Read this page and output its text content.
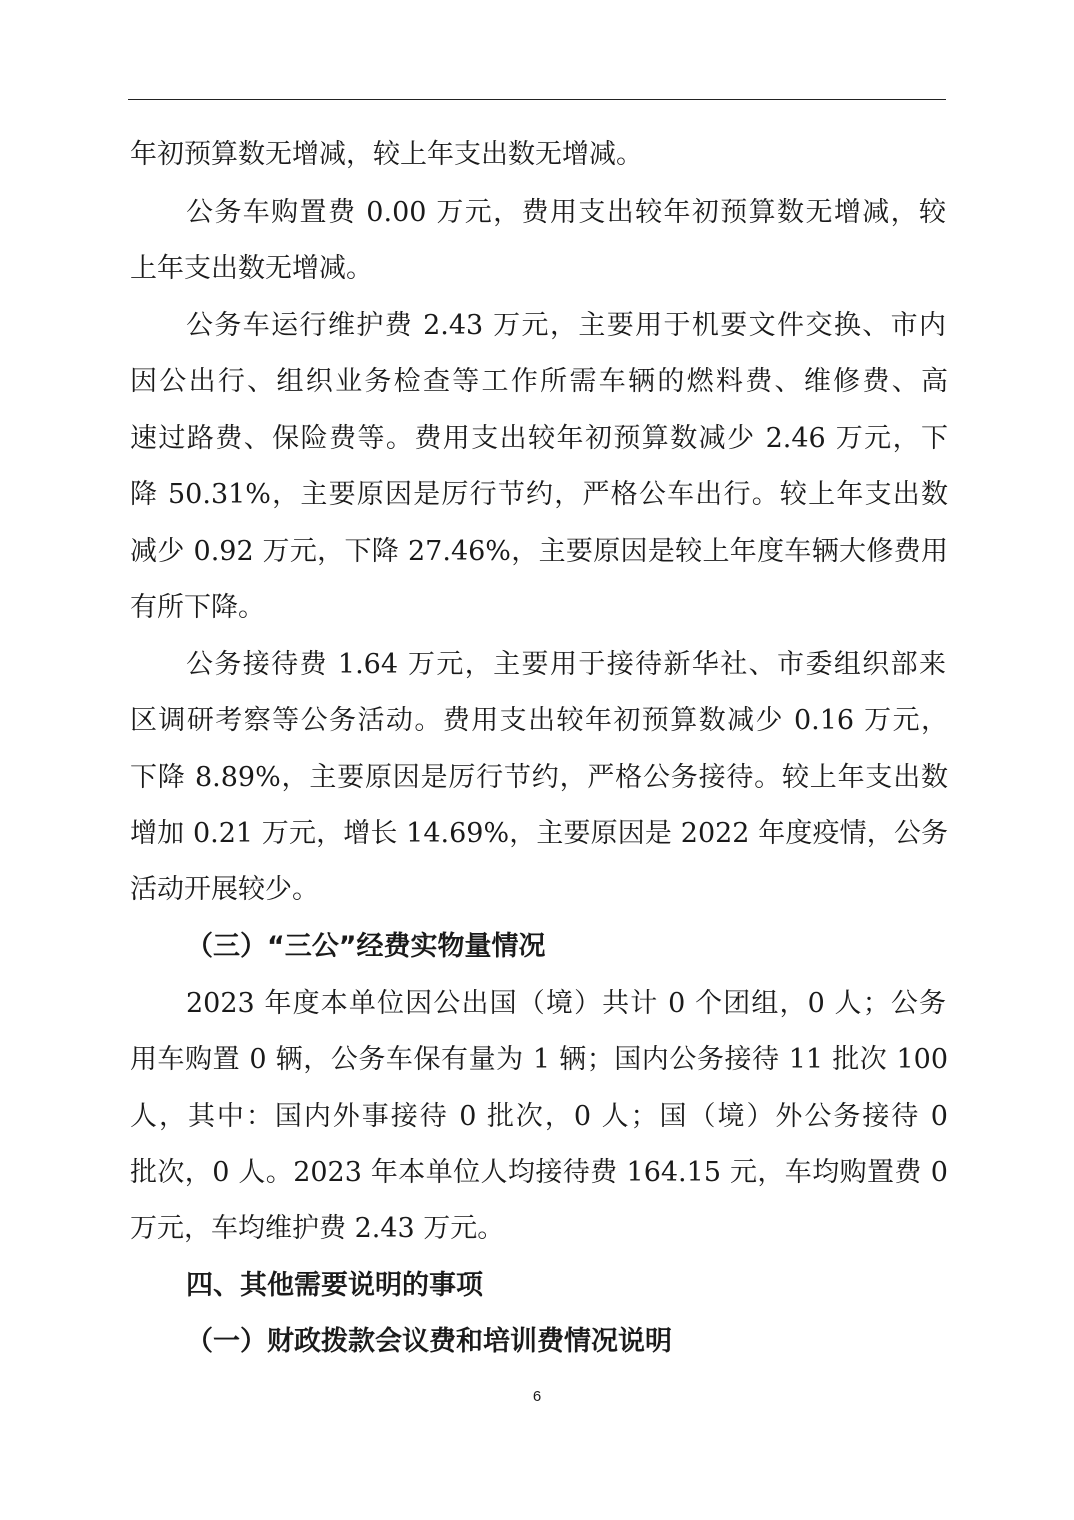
年初预算数无增减，较上年支出数无增减。
公务车购置费 0.00 万元，费用支出较年初预算数无增减，较
上年支出数无增减。
公务车运行维护费 2.43 万元，主要用于机要文件交换、市内
因公出行、组织业务检查等工作所需车辆的燃料费、维修费、高
速过路费、保险费等。费用支出较年初预算数减少 2.46 万元，下
降 50.31%，主要原因是厉行节约，严格公车出行。较上年支出数
减少 0.92 万元，下降 27.46%，主要原因是较上年度车辆大修费用
有所下降。
公务接待费 1.64 万元，主要用于接待新华社、市委组织部来
区调研考察等公务活动。费用支出较年初预算数减少 0.16 万元，
下降 8.89%，主要原因是厉行节约，严格公务接待。较上年支出数
增加 0.21 万元，增长 14.69%，主要原因是 2022 年度疫情，公务
活动开展较少。
（三）“三公”经费实物量情况
2023 年度本单位因公出国（境）共计 0 个团组，0 人；公务
用车购置 0 辆，公务车保有量为 1 辆；国内公务接待 11 批次 100
人，其中：国内外事接待 0 批次，0 人；国（境）外公务接待 0
批次，0 人。2023 年本单位人均接待费 164.15 元，车均购置费 0
万元，车均维护费 2.43 万元。
四、其他需要说明的事项
（一）财政拨款会议费和培训费情况说明
6
